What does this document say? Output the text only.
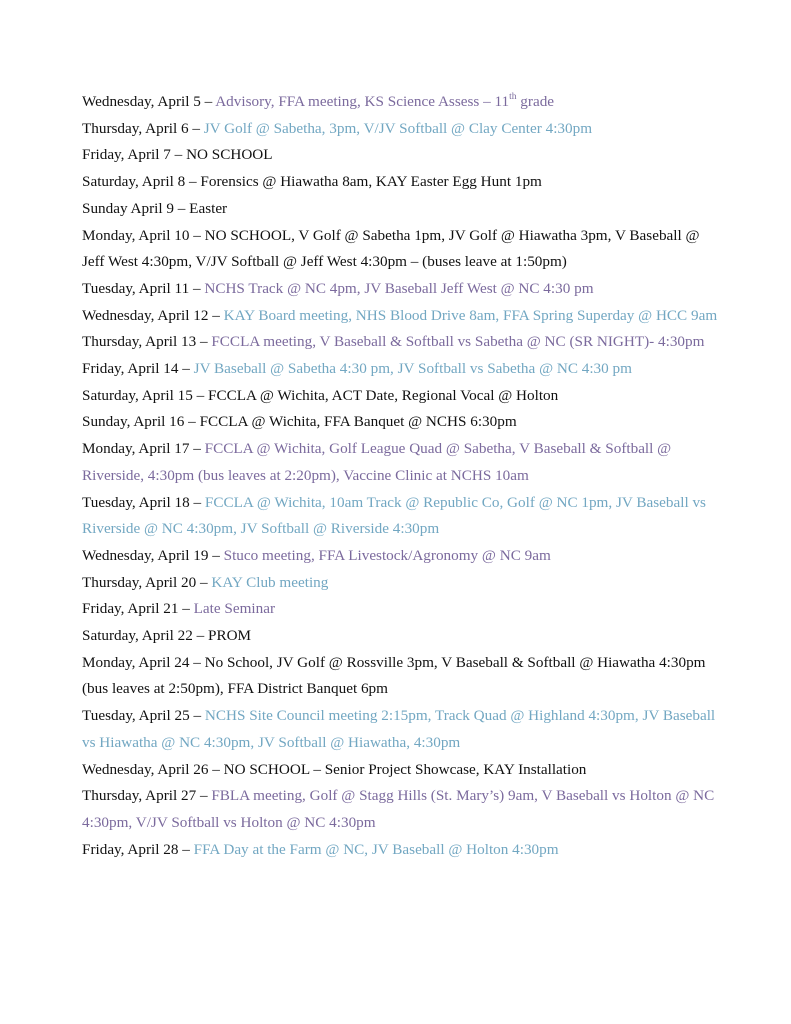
Wednesday, April 5 – Advisory, FFA meeting, KS Science Assess – 11th grade

Thursday, April 6 – JV Golf @ Sabetha, 3pm, V/JV Softball @ Clay Center 4:30pm

Friday, April 7 – NO SCHOOL

Saturday, April 8 – Forensics @ Hiawatha 8am, KAY Easter Egg Hunt 1pm

Sunday April 9 – Easter

Monday, April 10 – NO SCHOOL, V Golf @ Sabetha 1pm, JV Golf @ Hiawatha 3pm, V Baseball @ Jeff West 4:30pm, V/JV Softball @ Jeff West 4:30pm – (buses leave at 1:50pm)

Tuesday, April 11 – NCHS Track @ NC 4pm, JV Baseball Jeff West @ NC 4:30 pm

Wednesday, April 12 – KAY Board meeting, NHS Blood Drive 8am, FFA Spring Superday @ HCC 9am

Thursday, April 13 – FCCLA meeting, V Baseball & Softball vs Sabetha @ NC (SR NIGHT)- 4:30pm

Friday, April 14 – JV Baseball @ Sabetha 4:30 pm, JV Softball vs Sabetha @ NC 4:30 pm

Saturday, April 15 – FCCLA @ Wichita, ACT Date, Regional Vocal @ Holton

Sunday, April 16 – FCCLA @ Wichita, FFA Banquet @ NCHS 6:30pm

Monday, April 17 – FCCLA @ Wichita, Golf League Quad @ Sabetha, V Baseball & Softball @ Riverside, 4:30pm (bus leaves at 2:20pm), Vaccine Clinic at NCHS 10am

Tuesday, April 18 – FCCLA @ Wichita, 10am Track @ Republic Co, Golf @ NC 1pm, JV Baseball vs Riverside @ NC 4:30pm, JV Softball @ Riverside 4:30pm

Wednesday, April 19 – Stuco meeting, FFA Livestock/Agronomy @ NC 9am

Thursday, April 20 – KAY Club meeting

Friday, April 21 – Late Seminar

Saturday, April 22 – PROM

Monday, April 24 – No School, JV Golf @ Rossville 3pm, V Baseball & Softball @ Hiawatha 4:30pm (bus leaves at 2:50pm), FFA District Banquet 6pm

Tuesday, April 25 – NCHS Site Council meeting 2:15pm, Track Quad @ Highland 4:30pm, JV Baseball vs Hiawatha @ NC 4:30pm, JV Softball @ Hiawatha, 4:30pm

Wednesday, April 26 – NO SCHOOL – Senior Project Showcase, KAY Installation

Thursday, April 27 – FBLA meeting, Golf @ Stagg Hills (St. Mary’s) 9am, V Baseball vs Holton @ NC 4:30pm, V/JV Softball vs Holton @ NC 4:30pm

Friday, April 28 – FFA Day at the Farm @ NC, JV Baseball @ Holton 4:30pm
